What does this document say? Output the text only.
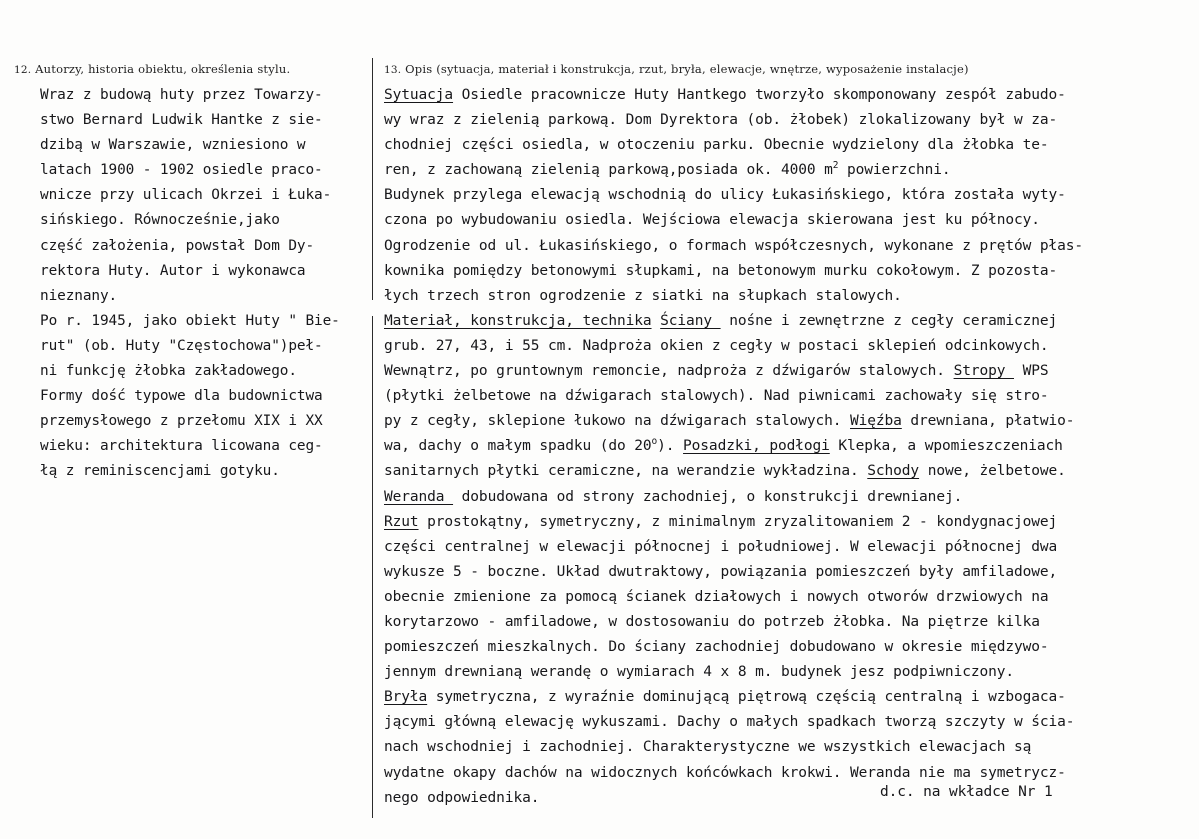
12. Autorzy, historia obiektu, określenia stylu.
Wraz z budową huty przez Towarzy-
stwo Bernard Ludwik Hantke z sie-
dzibą w Warszawie, wzniesiono w
latach 1900 - 1902 osiedle praco-
wnicze przy ulicach Okrzei i Łuka-
sińskiego. Równocześnie,jako
część założenia, powstał Dom Dy-
rektora Huty. Autor i wykonawca
nieznany.
Po r. 1945, jako obiekt Huty " Bie-
rut" (ob. Huty "Częstochowa")peł-
ni funkcję żłobka zakładowego.
Formy dość typowe dla budownictwa
przemysłowego z przełomu XIX i XX
wieku: architektura licowana ceg-
łą z reminiscencjami gotyku.
13. Opis (sytuacja, materiał i konstrukcja, rzut, bryła, elewacje, wnętrze, wyposażenie instalacje)
Sytuacja Osiedle pracownicze Huty Hantkego tworzyło skomponowany zespół zabudo-
wy wraz z zielenią parkową. Dom Dyrektora (ob. żłobek) zlokalizowany był w za-
chodniej części osiedla, w otoczeniu parku. Obecnie wydzielony dla żłobka te-
ren, z zachowaną zielenią parkową,posiada ok. 4000 $m^2$ powierzchni.
Budynek przylega elewacją wschodnią do ulicy Łukasińskiego, która została wyty-
czona po wybudowaniu osiedla. Wejściowa elewacja skierowana jest ku północy.
Ogrodzenie od ul. Łukasińskiego, o formach współczesnych, wykonane z prętów płas-
kownika pomiędzy betonowymi słupkami, na betonowym murku cokołowym. Z pozosta-
łych trzech stron ogrodzenie z siatki na słupkach stalowych.
Materiał, konstrukcja, technika Ściany  nośne i zewnętrzne z cegły ceramicznej
grub. 27, 43, i 55 cm. Nadproża okien z cegły w postaci sklepień odcinkowych.
Wewnątrz, po gruntownym remoncie, nadproża z dźwigarów stalowych. Stropy  WPS
(płytki żelbetowe na dźwigarach stalowych). Nad piwnicami zachowały się stro-
py z cegły, sklepione łukowo na dźwigarach stalowych. Więźba drewniana, płatwio-
wa, dachy o małym spadku (do 20$^o$). Posadzki, podłogi Klepka, a wpomieszczeniach
sanitarnych płytki ceramiczne, na werandzie wykładzina. Schody nowe, żelbetowe.
Weranda  dobudowana od strony zachodniej, o konstrukcji drewnianej.
Rzut prostokątny, symetryczny, z minimalnym zryzalitowaniem 2 - kondygnacjowej
części centralnej w elewacji północnej i południowej. W elewacji północnej dwa
wykusze 5 - boczne. Układ dwutraktowy, powiązania pomieszczeń były amfiladowe,
obecnie zmienione za pomocą ścianek działowych i nowych otworów drzwiowych na
korytarzowo - amfiladowe, w dostosowaniu do potrzeb żłobka. Na piętrze kilka
pomieszczeń mieszkalnych. Do ściany zachodniej dobudowano w okresie międzywo-
jennym drewnianą werandę o wymiarach 4 x 8 m. budynek jesz podpiwniczony.
Bryła symetryczna, z wyraźnie dominującą piętrową częścią centralną i wzbogaca-
jącymi główną elewację wykuszami. Dachy o małych spadkach tworzą szczyty w ścia-
nach wschodniej i zachodniej. Charakterystyczne we wszystkich elewacjach są
wydatne okapy dachów na widocznych końcówkach krokwi. Weranda nie ma symetrycz-
nego odpowiednika.	d.c. na wkładce Nr 1
